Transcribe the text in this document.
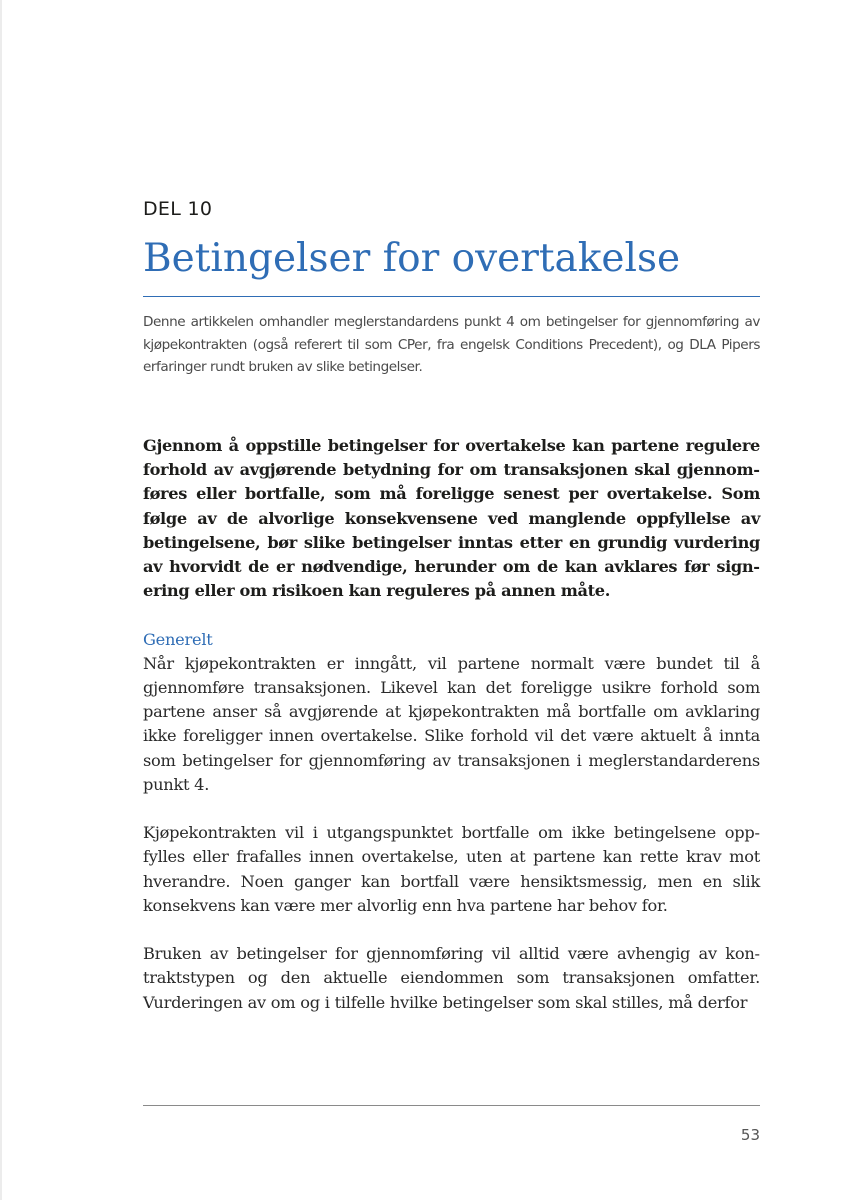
DEL 10
Betingelser for overtakelse

Denne artikkelen omhandler meglerstandardens punkt 4 om betingelser for gjennomføring av kjøpekontrakten (også referert til som CPer, fra engelsk Conditions Precedent), og DLA Pipers erfaringer rundt bruken av slike betingelser.

Gjennom å oppstille betingelser for overtakelse kan partene regulere forhold av avgjørende betydning for om transaksjonen skal gjennomføres eller bortfalle, som må foreligge senest per overtakelse. Som følge av de alvorlige konsekvensene ved manglende oppfyllelse av betingelsene, bør slike betingelser inntas etter en grundig vurdering av hvorvidt de er nødvendige, herunder om de kan avklares før signering eller om risikoen kan reguleres på annen måte.

Generelt

Når kjøpekontrakten er inngått, vil partene normalt være bundet til å gjennomføre transaksjonen. Likevel kan det foreligge usikre forhold som partene anser så avgjørende at kjøpekontrakten må bortfalle om avklaring ikke foreligger innen overtakelse. Slike forhold vil det være aktuelt å innta som betingelser for gjennomføring av transaksjonen i meglerstandarderens punkt 4.

Kjøpekontrakten vil i utgangspunktet bortfalle om ikke betingelsene oppfylles eller frafalles innen overtakelse, uten at partene kan rette krav mot hverandre. Noen ganger kan bortfall være hensiktsmessig, men en slik konsekvens kan være mer alvorlig enn hva partene har behov for.

Bruken av betingelser for gjennomføring vil alltid være avhengig av kontraktstypen og den aktuelle eiendommen som transaksjonen omfatter. Vurderingen av om og i tilfelle hvilke betingelser som skal stilles, må derfor

53
